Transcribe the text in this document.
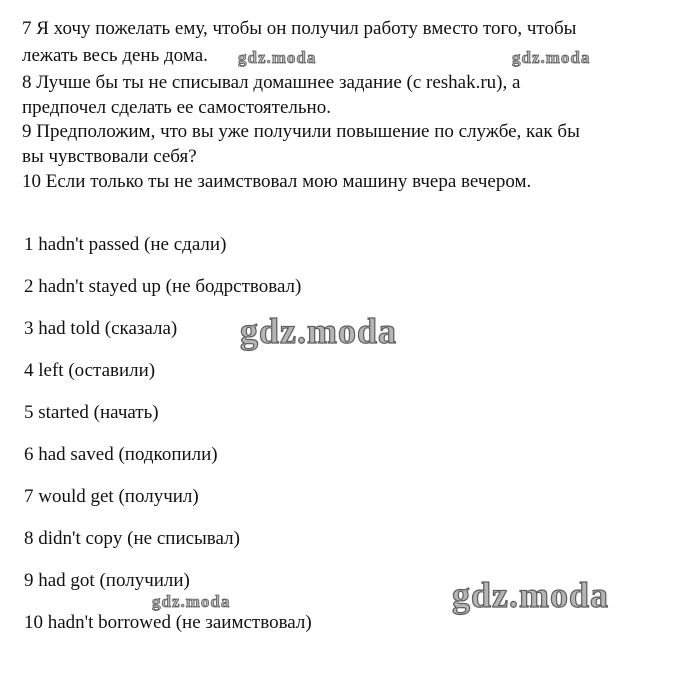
7 Я хочу пожелать ему, чтобы он получил работу вместо того, чтобы

лежать весь день дома.

8 Лучше бы ты не списывал домашнее задание (с reshak.ru), а

предпочел сделать ее самостоятельно.

9 Предположим, что вы уже получили повышение по службе, как бы

вы чувствовали себя?

10 Если только ты не заимствовал мою машину вчера вечером.

1 hadn't passed (не сдали)

2 hadn't stayed up (не бодрствовал)

3 had told (сказала)

4 left (оставили)

5 started (начать)

6 had saved (подкопили)

7 would get (получил)

8 didn't copy (не списывал)

9 had got (получили)

10 hadn't borrowed (не заимствовал)

gdz.moda	gdz.moda
gdz.moda
gdz.moda
gdz.moda
